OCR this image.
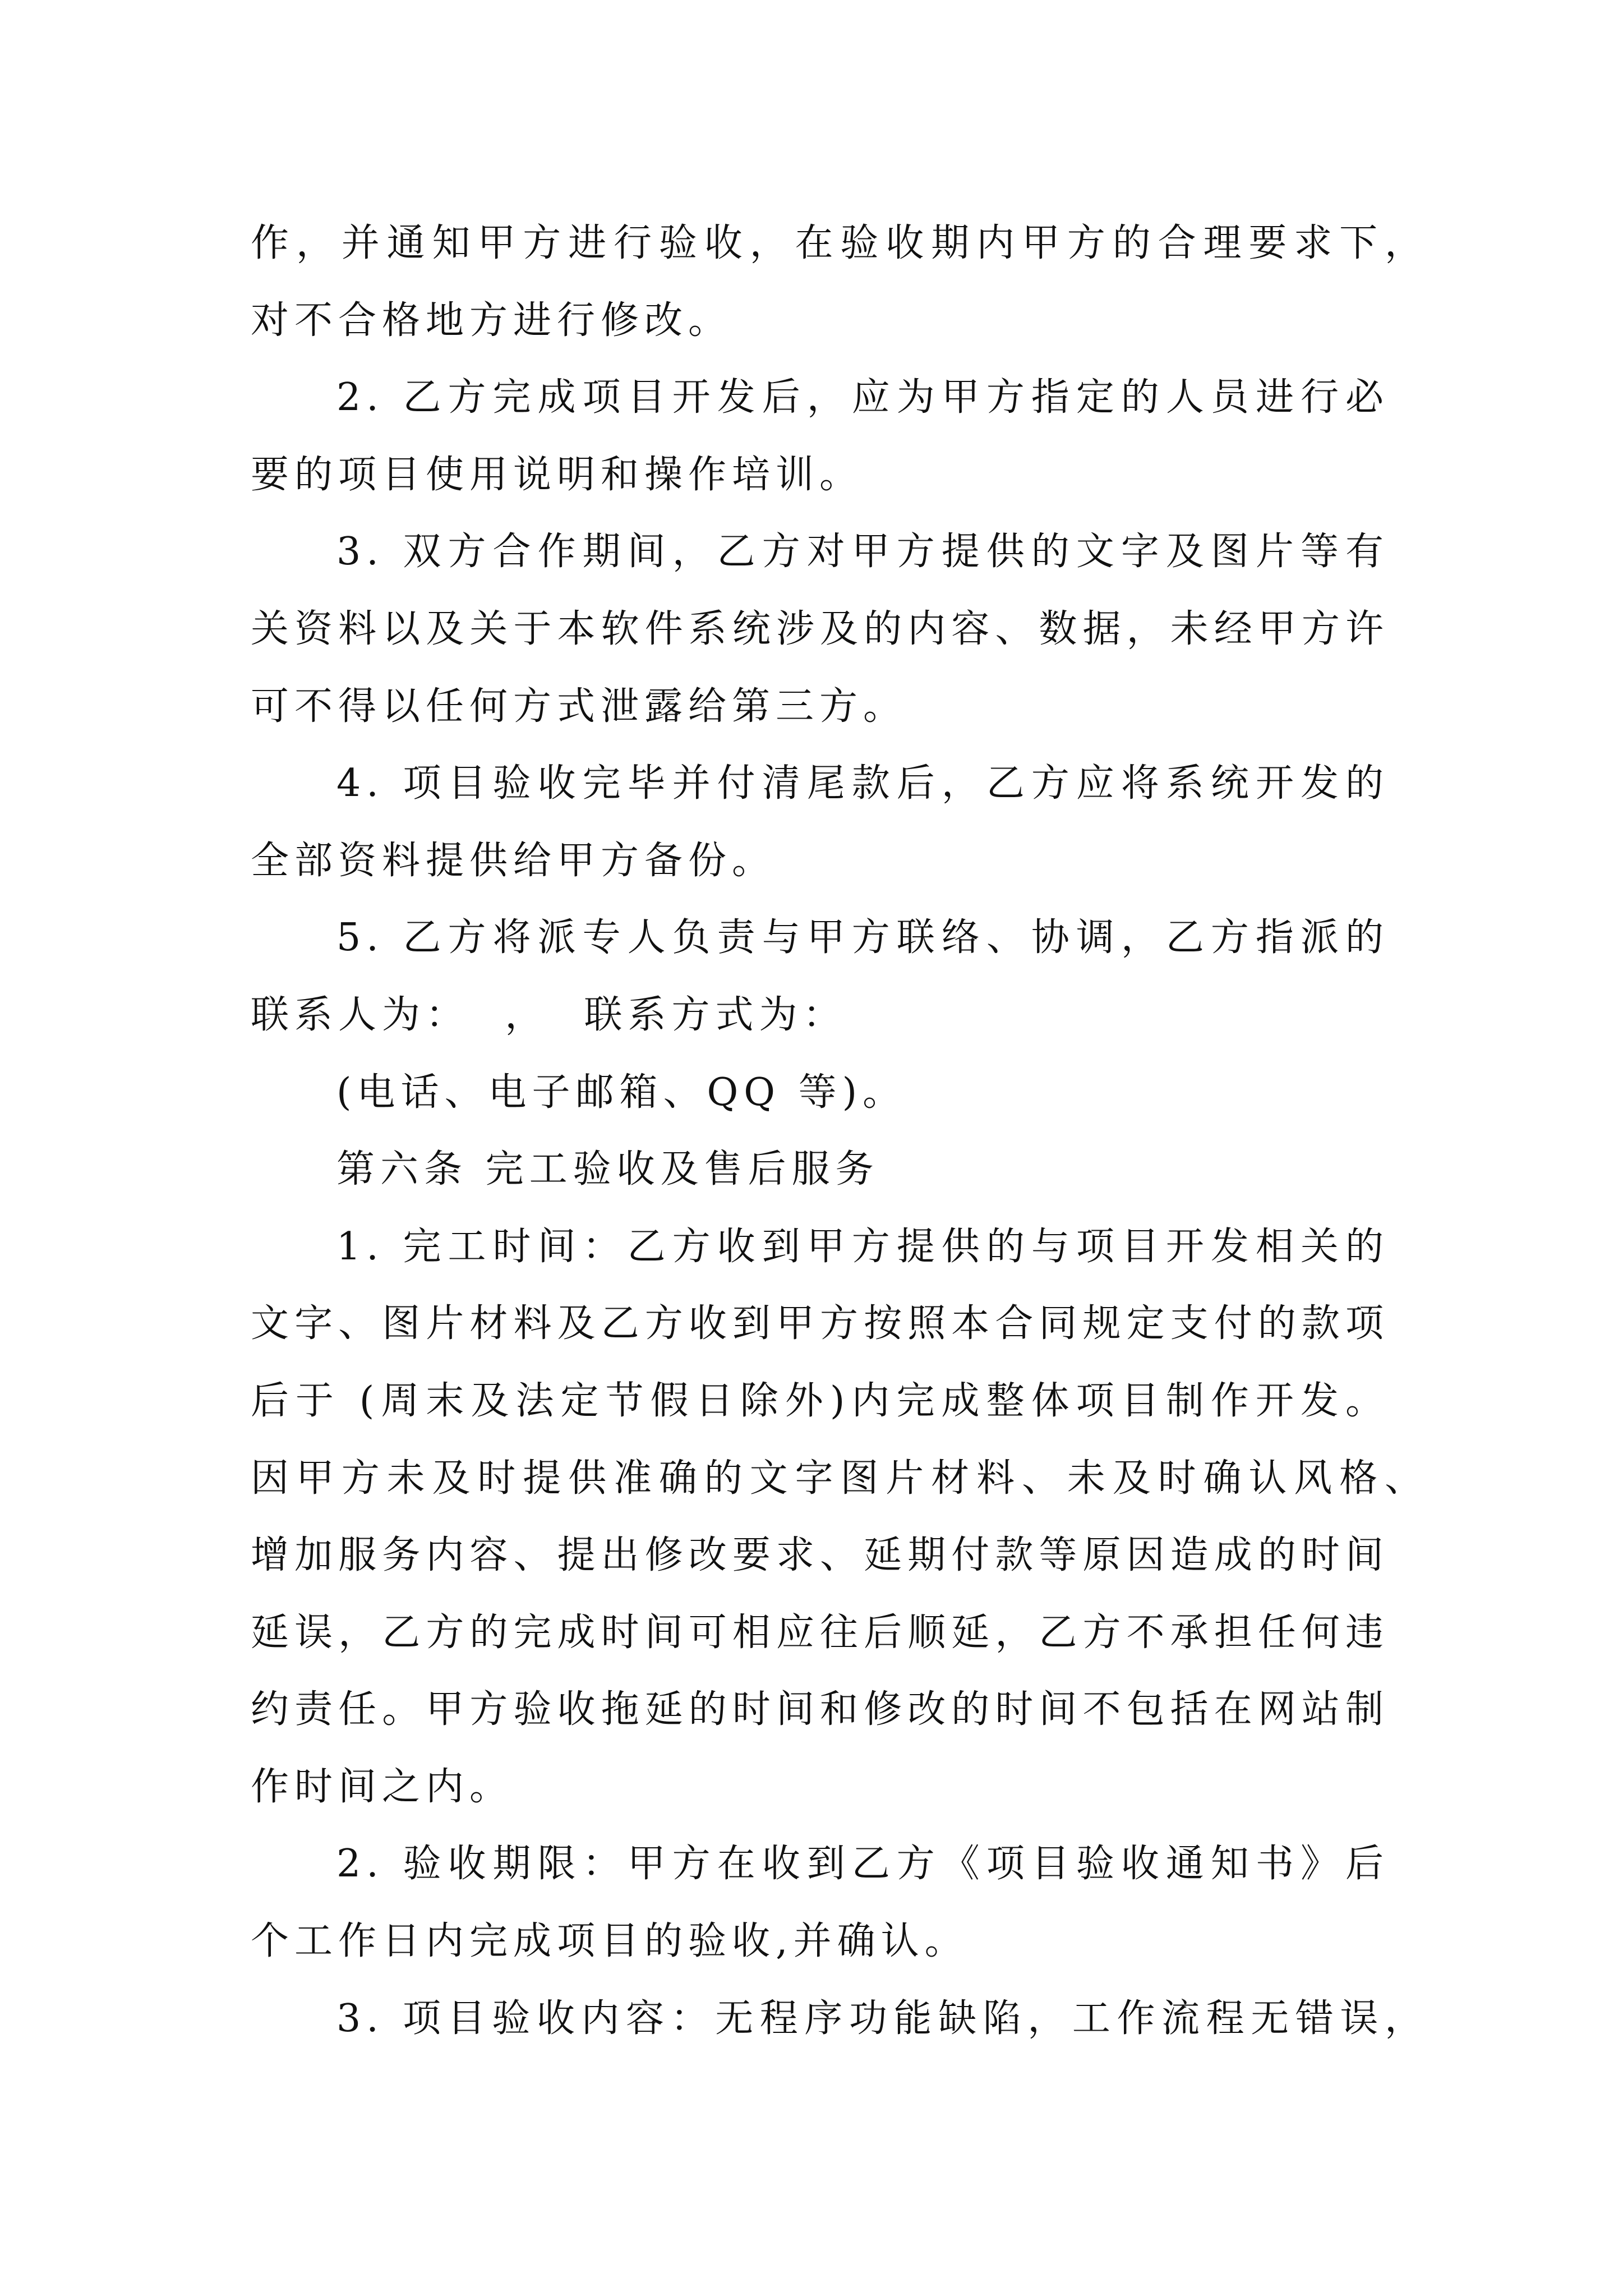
作，并通知甲方进行验收，在验收期内甲方的合理要求下，
对不合格地方进行修改。
2. 乙方完成项目开发后，应为甲方指定的人员进行必
要的项目使用说明和操作培训。
3. 双方合作期间，乙方对甲方提供的文字及图片等有
关资料以及关于本软件系统涉及的内容、数据，未经甲方许
可不得以任何方式泄露给第三方。
4. 项目验收完毕并付清尾款后，乙方应将系统开发的
全部资料提供给甲方备份。
5. 乙方将派专人负责与甲方联络、协调，乙方指派的
联系人为：  ，  联系方式为：
(电话、电子邮箱、QQ 等)。
第六条 完工验收及售后服务
1. 完工时间：乙方收到甲方提供的与项目开发相关的
文字、图片材料及乙方收到甲方按照本合同规定支付的款项
后于 (周末及法定节假日除外)内完成整体项目制作开发。
因甲方未及时提供准确的文字图片材料、未及时确认风格、
增加服务内容、提出修改要求、延期付款等原因造成的时间
延误，乙方的完成时间可相应往后顺延，乙方不承担任何违
约责任。甲方验收拖延的时间和修改的时间不包括在网站制
作时间之内。
2. 验收期限：甲方在收到乙方《项目验收通知书》后
个工作日内完成项目的验收,并确认。
3. 项目验收内容：无程序功能缺陷，工作流程无错误，
